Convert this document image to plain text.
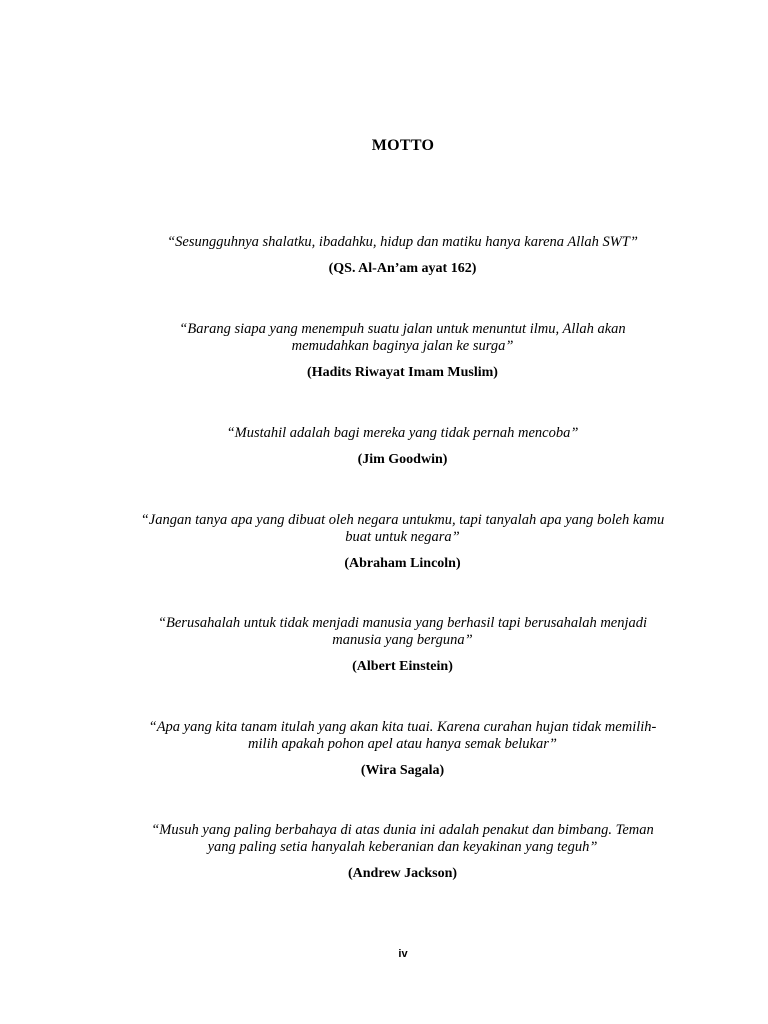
MOTTO

“Sesungguhnya shalatku, ibadahku, hidup dan matiku hanya karena Allah SWT”

(QS. Al-An’am ayat 162)

“Barang siapa yang menempuh suatu jalan untuk menuntut ilmu, Allah akan memudahkan baginya jalan ke surga”

(Hadits Riwayat Imam Muslim)

“Mustahil adalah bagi mereka yang tidak pernah mencoba”

(Jim Goodwin)

“Jangan tanya apa yang dibuat oleh negara untukmu, tapi tanyalah apa yang boleh kamu buat untuk negara”

(Abraham Lincoln)

“Berusahalah untuk tidak menjadi manusia yang berhasil tapi berusahalah menjadi manusia yang berguna”

(Albert Einstein)

“Apa yang kita tanam itulah yang akan kita tuai. Karena curahan hujan tidak memilih-milih apakah pohon apel atau hanya semak belukar”

(Wira Sagala)

“Musuh yang paling berbahaya di atas dunia ini adalah penakut dan bimbang. Teman yang paling setia hanyalah keberanian dan keyakinan yang teguh”

(Andrew Jackson)

iv
